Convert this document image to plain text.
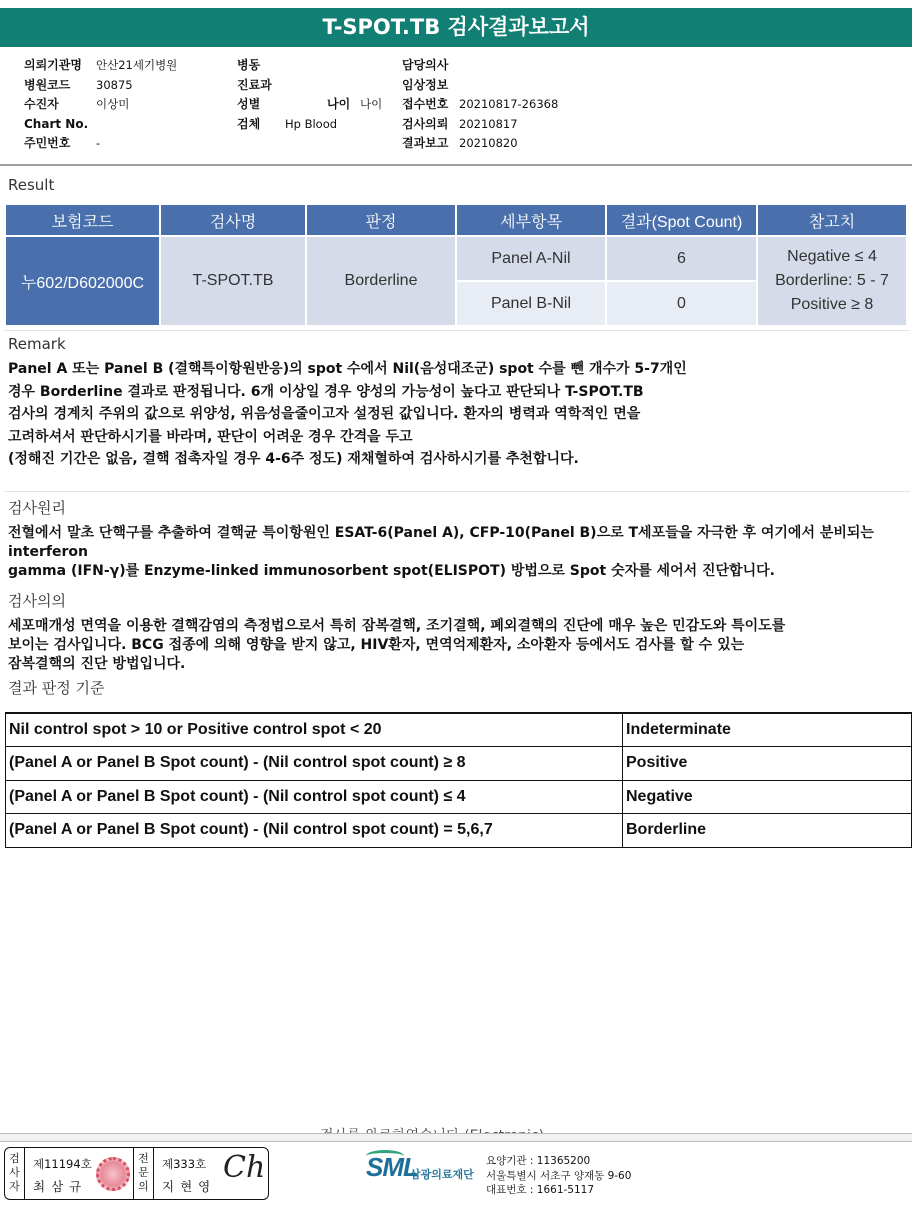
T-SPOT.TB 검사결과보고서
의뢰기관명 안산21세기병원
병원코드 30875
수진자	이상미
Chart No.
주민번호 -
병동
진료과
성별	나이 나이
검체 Hp Blood
담당의사
임상정보
접수번호 20210817-26368
검사의뢰 20210817
결과보고 20210820
Result
보험코드	검사명	판정	세부항목	결과(Spot Count)	참고치
누602/D602000C	T-SPOT.TB	Borderline	Panel A-Nil	6	Negative ≤ 4
Borderline: 5 - 7
Positive ≥ 8

			Panel B-Nil	0	
Remark
Panel A 또는 Panel B (결핵특이항원반응)의 spot 수에서 Nil(음성대조군) spot 수를 뺀 개수가 5-7개인
경우 Borderline 결과로 판정됩니다. 6개 이상일 경우 양성의 가능성이 높다고 판단되나 T-SPOT.TB
검사의 경계치 주위의 값으로 위양성, 위음성을줄이고자 설정된 값입니다. 환자의 병력과 역학적인 면을
고려하셔서 판단하시기를 바라며, 판단이 어려운 경우 간격을 두고
(정해진 기간은 없음, 결핵 접촉자일 경우 4-6주 정도) 재채혈하여 검사하시기를 추천합니다.
검사원리
전혈에서 말초 단핵구를 추출하여 결핵균 특이항원인 ESAT-6(Panel A), CFP-10(Panel B)으로 T세포들을 자극한 후 여기에서 분비되는
interferon
gamma (IFN-γ)를 Enzyme-linked immunosorbent spot(ELISPOT) 방법으로 Spot 숫자를 세어서 진단합니다.
검사의의
세포매개성 면역을 이용한 결핵감염의 측정법으로서 특히 잠복결핵, 조기결핵, 폐외결핵의 진단에 매우 높은 민감도와 특이도를
보이는 검사입니다. BCG 접종에 의해 영향을 받지 않고, HIV환자, 면역억제환자, 소아환자 등에서도 검사를 할 수 있는
잠복결핵의 진단 방법입니다.
결과 판정 기준
Nil control spot > 10 or Positive control spot < 20	Indeterminate
(Panel A or Panel B Spot count) - (Nil control spot count) ≥ 8	Positive
(Panel A or Panel B Spot count) - (Nil control spot count) ≤ 4	Negative
(Panel A or Panel B Spot count) - (Nil control spot count) = 5,6,7	Borderline
검
사
자
제11194호
최삼규
전
문
의
제333호
지현영
Ch	SML
삼광의료재단
요양기관 : 11365200
서울특별시 서초구 양재동 9-60
대표번호 : 1661-5117
